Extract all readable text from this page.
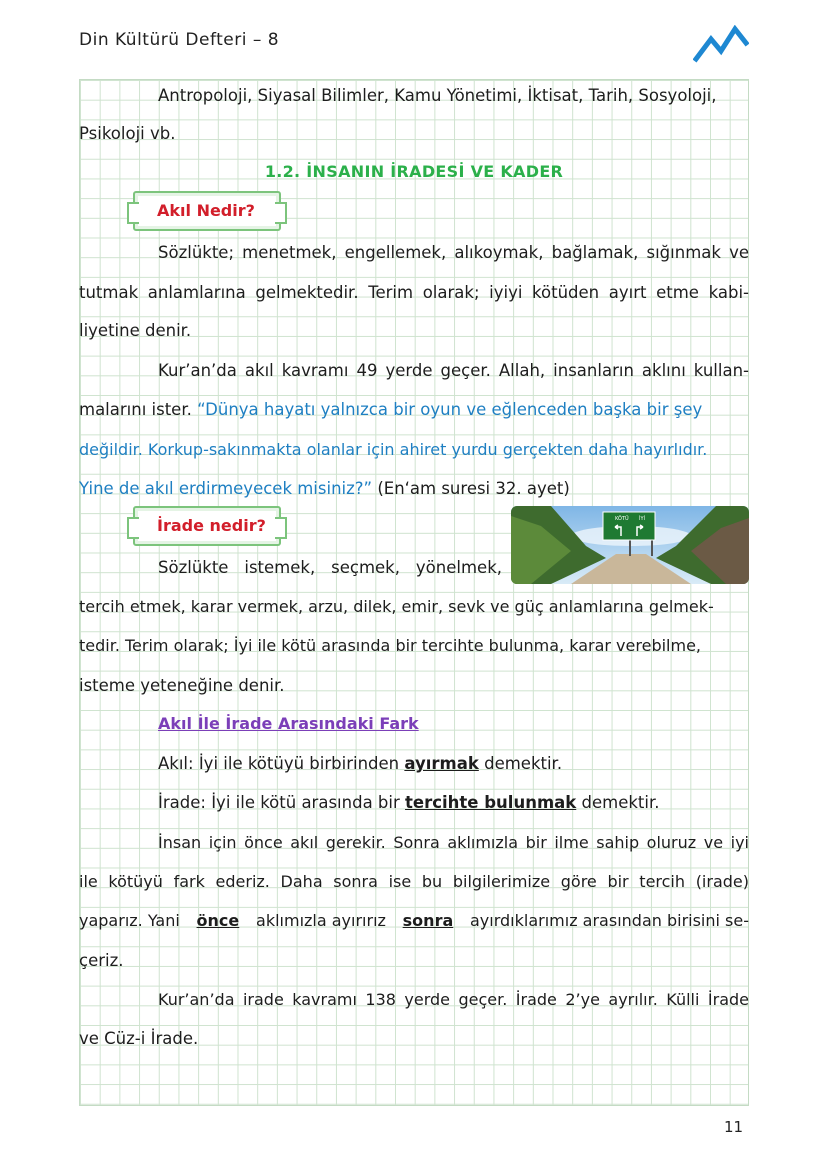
Din Kültürü Defteri – 8
Antropoloji, Siyasal Bilimler, Kamu Yönetimi, İktisat, Tarih, Sosyoloji,
Psikoloji vb.
1.2. İNSANIN İRADESİ VE KADER
Akıl Nedir?
Sözlükte; menetmek, engellemek, alıkoymak, bağlamak, sığınmak ve
tutmak anlamlarına gelmektedir. Terim olarak; iyiyi kötüden ayırt etme kabi-
liyetine denir.
Kur’an’da akıl kavramı 49 yerde geçer. Allah, insanların aklını kullan-
malarını ister. “Dünya hayatı yalnızca bir oyun ve eğlenceden başka bir şey
değildir. Korkup-sakınmakta olanlar için ahiret yurdu gerçekten daha hayırlıdır.
Yine de akıl erdirmeyecek misiniz?” (En‘am suresi 32. ayet)
İrade nedir?	KÖTÜ İYİ
Sözlükte istemek, seçmek, yönelmek,
tercih etmek, karar vermek, arzu, dilek, emir, sevk ve güç anlamlarına gelmek-
tedir. Terim olarak; İyi ile kötü arasında bir tercihte bulunma, karar verebilme,
isteme yeteneğine denir.
Akıl İle İrade Arasındaki Fark
Akıl: İyi ile kötüyü birbirinden ayırmak demektir.
İrade: İyi ile kötü arasında bir tercihte bulunmak demektir.
İnsan için önce akıl gerekir. Sonra aklımızla bir ilme sahip oluruz ve iyi
ile kötüyü fark ederiz. Daha sonra ise bu bilgilerimize göre bir tercih (irade)
yaparız. Yani önce aklımızla ayırırız sonra ayırdıklarımız arasından birisini se-
çeriz.
Kur’an’da irade kavramı 138 yerde geçer. İrade 2’ye ayrılır. Külli İrade
ve Cüz-i İrade.
11
